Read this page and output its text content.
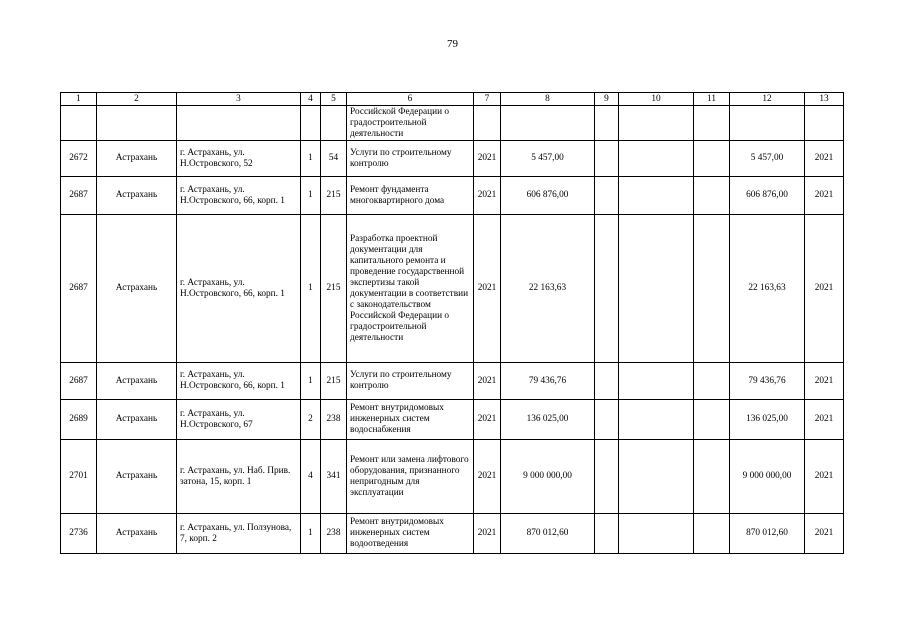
79
1	2	3	4	5	6	7	8	9	10	11	12	13
					Российской Федерации о градостроительной деятельности							
2672	Астрахань	г. Астрахань, ул. Н.Островского, 52	1	54	Услуги по строительному контролю	2021	5 457,00				5 457,00	2021
2687	Астрахань	г. Астрахань, ул. Н.Островского, 66, корп. 1	1	215	Ремонт фундамента многоквартирного дома	2021	606 876,00				606 876,00	2021
2687	Астрахань	г. Астрахань, ул. Н.Островского, 66, корп. 1	1	215	Разработка проектной документации для капитального ремонта и проведение государственной экспертизы такой документации в соответствии с законодательством Российской Федерации о градостроительной деятельности	2021	22 163,63				22 163,63	2021
2687	Астрахань	г. Астрахань, ул. Н.Островского, 66, корп. 1	1	215	Услуги по строительному контролю	2021	79 436,76				79 436,76	2021
2689	Астрахань	г. Астрахань, ул. Н.Островского, 67	2	238	Ремонт внутридомовых инженерных систем водоснабжения	2021	136 025,00				136 025,00	2021
2701	Астрахань	г. Астрахань, ул. Наб. Прив. затона, 15, корп. 1	4	341	Ремонт или замена лифтового оборудования, признанного непригодным для эксплуатации	2021	9 000 000,00				9 000 000,00	2021
2736	Астрахань	г. Астрахань, ул. Ползунова, 7, корп. 2	1	238	Ремонт внутридомовых инженерных систем водоотведения	2021	870 012,60				870 012,60	2021
